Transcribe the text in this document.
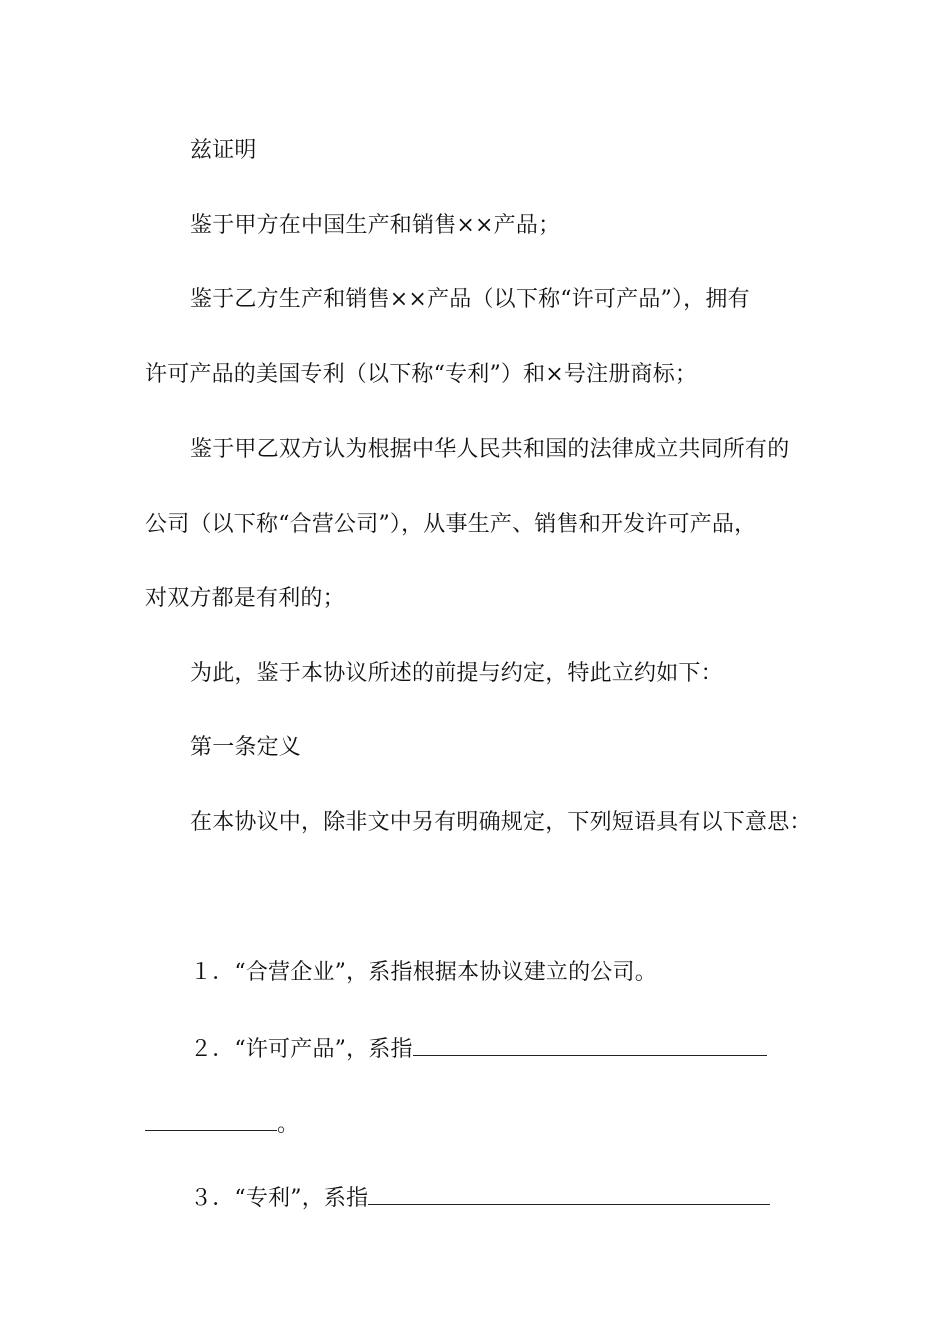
兹证明
鉴于甲方在中国生产和销售××产品；
鉴于乙方生产和销售××产品（以下称“许可产品”），拥有
许可产品的美国专利（以下称“专利”）和×号注册商标；
鉴于甲乙双方认为根据中华人民共和国的法律成立共同所有的
公司（以下称“合营公司”），从事生产、销售和开发许可产品，
对双方都是有利的；
为此，鉴于本协议所述的前提与约定，特此立约如下：
第一条定义
在本协议中，除非文中另有明确规定，下列短语具有以下意思：
１．“合营企业”，系指根据本协议建立的公司。
２．“许可产品”，系指
。
３．“专利”，系指
